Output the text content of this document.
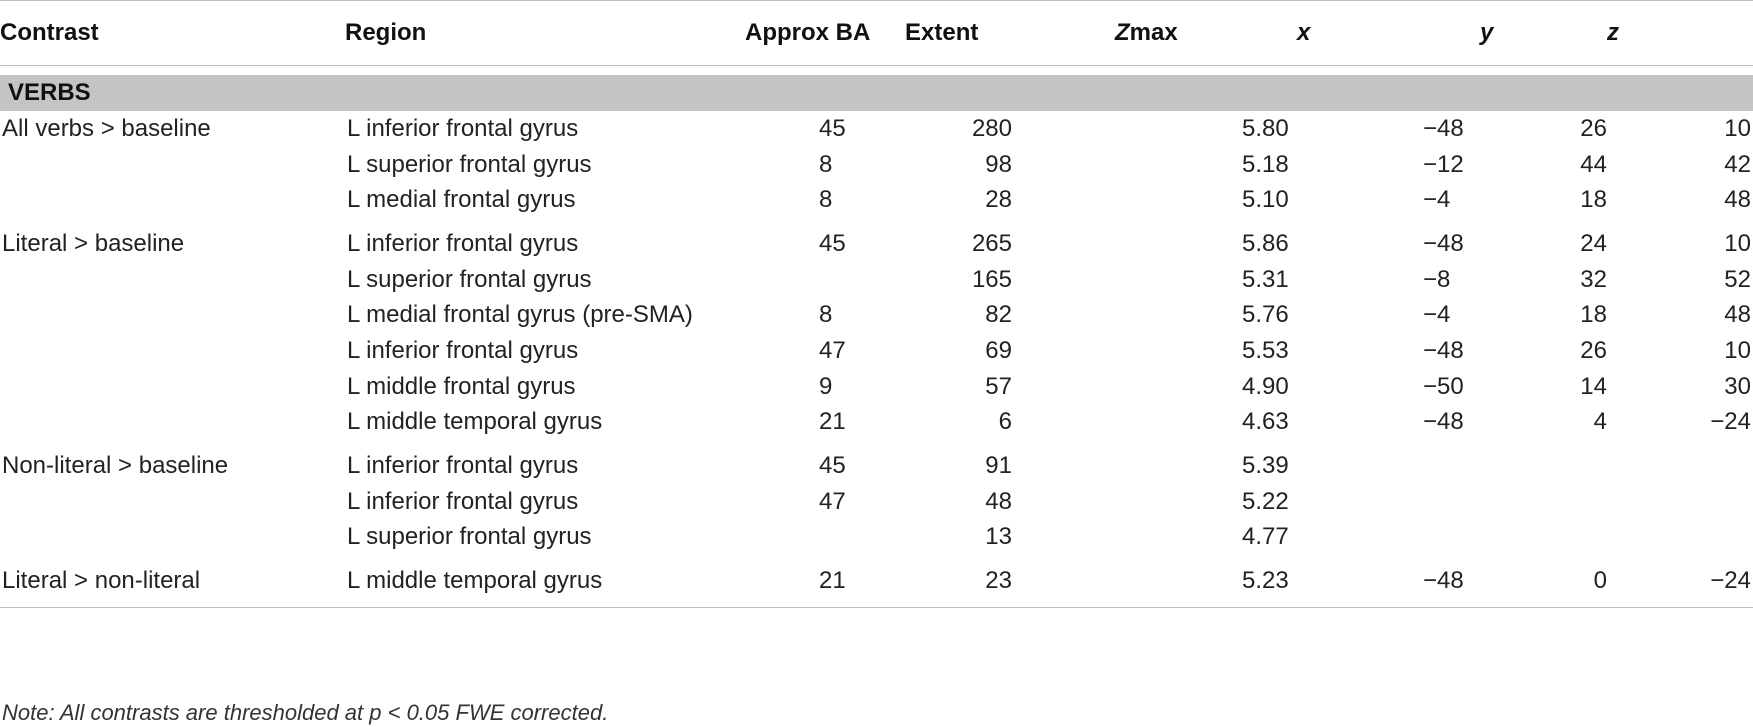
Contrast	Region	Approx BA	Extent	Zmax	x	y	z

VERBS							
All verbs > baseline	L inferior frontal gyrus	45	280	5.80	−48	26	10
	L superior frontal gyrus	8	98	5.18	−12	44	42
	L medial frontal gyrus	8	28	5.10	−4	18	48
Literal > baseline	L inferior frontal gyrus	45	265	5.86	−48	24	10
	L superior frontal gyrus		165	5.31	−8	32	52
	L medial frontal gyrus (pre-SMA)	8	82	5.76	−4	18	48
	L inferior frontal gyrus	47	69	5.53	−48	26	10
	L middle frontal gyrus	9	57	4.90	−50	14	30
	L middle temporal gyrus	21	6	4.63	−48	4	−24
Non-literal > baseline	L inferior frontal gyrus	45	91	5.39			
	L inferior frontal gyrus	47	48	5.22			
	L superior frontal gyrus		13	4.77			
Literal > non-literal	L middle temporal gyrus	21	23	5.23	−48	0	−24

Note: All contrasts are thresholded at p < 0.05 FWE corrected.
